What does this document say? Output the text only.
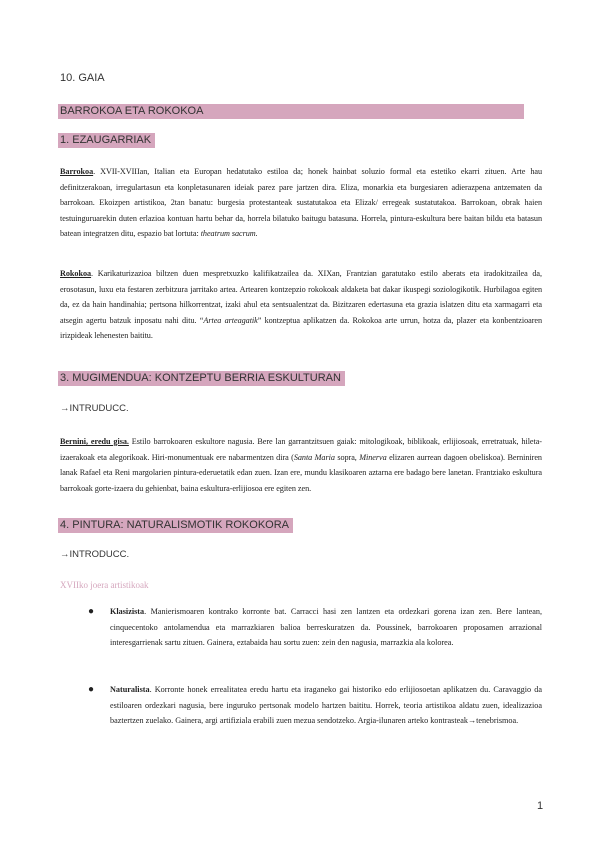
10. GAIA
BARROKOA ETA ROKOKOA
1. EZAUGARRIAK

Barrokoa. XVII-XVIIIan, Italian eta Europan hedatutako estiloa da; honek hainbat soluzio formal eta estetiko ekarri zituen. Arte hau definitzerakoan, irregulartasun eta konpletasunaren ideiak parez pare jartzen dira. Eliza, monarkia eta burgesiaren adierazpena antzematen da barrokoan. Ekoizpen artistikoa, 2tan banatu: burgesia protestanteak sustatutakoa eta Elizak/ erregeak sustatutakoa. Barrokoan, obrak haien testuinguruarekin duten erlazioa kontuan hartu behar da, horrela bilatuko baitugu batasuna. Horrela, pintura-eskultura bere baitan bildu eta batasun batean integratzen ditu, espazio bat lortuta: theatrum sacrum.

Rokokoa. Karikaturizazioa biltzen duen mespretxuzko kalifikatzailea da. XIXan, Frantzian garatutako estilo aberats eta iradokitzailea da, erosotasun, luxu eta festaren zerbitzura jarritako artea. Artearen kontzepzio rokokoak aldaketa bat dakar ikuspegi soziologikotik. Hurbilagoa egiten da, ez da hain handinahia; pertsona hilkorrentzat, izaki ahul eta sentsualentzat da. Bizitzaren edertasuna eta grazia islatzen ditu eta xarmagarri eta atsegin agertu batzuk inposatu nahi ditu. “Artea arteagatik” kontzeptua aplikatzen da. Rokokoa arte urrun, hotza da, plazer eta konbentzioaren irizpideak lehenesten baititu.

3. MUGIMENDUA: KONTZEPTU BERRIA ESKULTURAN
→INTRUDUCC.

Bernini, eredu gisa. Estilo barrokoaren eskultore nagusia. Bere lan garrantzitsuen gaiak: mitologikoak, biblikoak, erlijiosoak, erretratuak, hileta-izaerakoak eta alegorikoak. Hiri-monumentuak ere nabarmentzen dira (Santa Maria sopra, Minerva elizaren aurrean dagoen obeliskoa). Berniniren lanak Rafael eta Reni margolarien pintura-ederuetatik edan zuen. Izan ere, mundu klasikoaren aztarna ere badago bere lanetan. Frantziako eskultura barrokoak gorte-izaera du gehienbat, baina eskultura-erlijiosoa ere egiten zen.

4. PINTURA: NATURALISMOTIK ROKOKORA
→INTRODUCC.
XVIIko joera artistikoak
● Klasizista. Manierismoaren kontrako korronte bat. Carracci hasi zen lantzen eta ordezkari gorena izan zen. Bere lantean, cinquecentoko antolamendua eta marrazkiaren balioa berreskuratzen da. Poussinek, barrokoaren proposamen arrazional interesgarrienak sartu zituen. Gainera, eztabaida hau sortu zuen: zein den nagusia, marrazkia ala kolorea.
● Naturalista. Korronte honek errealitatea eredu hartu eta iraganeko gai historiko edo erlijiosoetan aplikatzen du. Caravaggio da estiloaren ordezkari nagusia, bere inguruko pertsonak modelo hartzen baititu. Horrek, teoria artistikoa aldatu zuen, idealizazioa baztertzen zuelako. Gainera, argi artifiziala erabili zuen mezua sendotzeko. Argia-ilunaren arteko kontrasteak→tenebrismoa.
1
